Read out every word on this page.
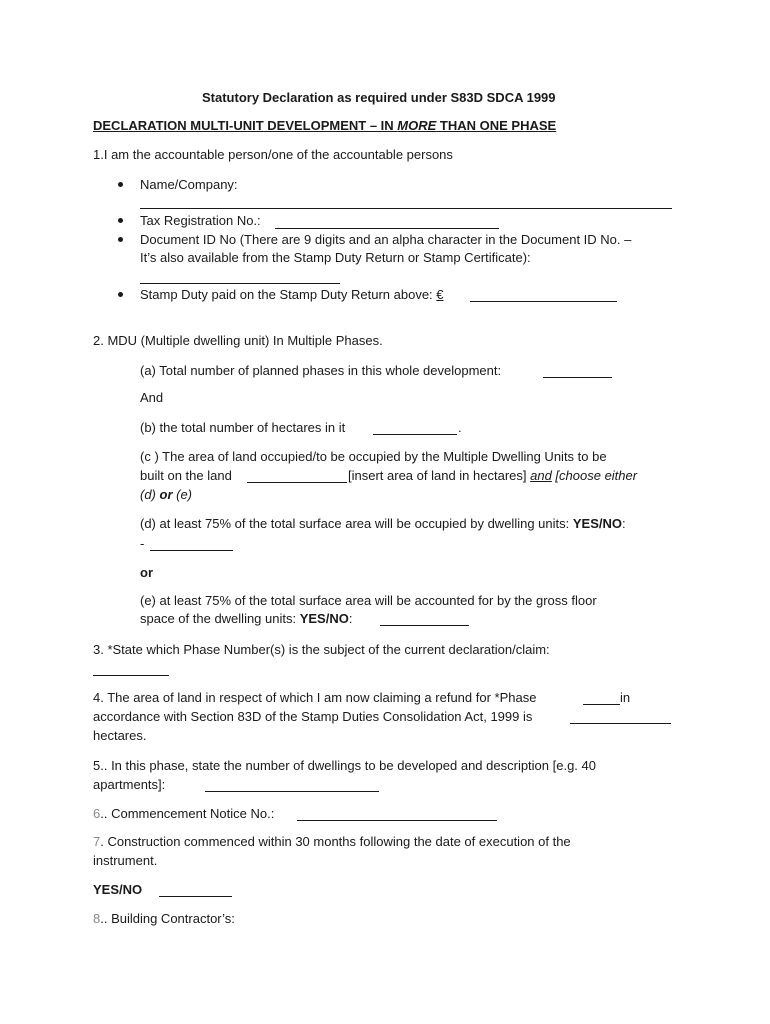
Statutory Declaration as required under S83D SDCA 1999
DECLARATION MULTI-UNIT DEVELOPMENT – IN MORE THAN ONE PHASE
1.I am the accountable person/one of the accountable persons
Name/Company:
Tax Registration No.:
Document ID No (There are 9 digits and an alpha character in the Document ID No. –
It’s also available from the Stamp Duty Return or Stamp Certificate):
Stamp Duty paid on the Stamp Duty Return above: €
2. MDU (Multiple dwelling unit) In Multiple Phases.
(a) Total number of planned phases in this whole development:
And
(b) the total number of hectares in it	.
(c ) The area of land occupied/to be occupied by the Multiple Dwelling Units to be
built on the land	[insert area of land in hectares] and [choose either
(d) or (e)
(d) at least 75% of the total surface area will be occupied by dwelling units: YES/NO:
-
or
(e) at least 75% of the total surface area will be accounted for by the gross floor
space of the dwelling units: YES/NO:
3. *State which Phase Number(s) is the subject of the current declaration/claim:
4. The area of land in respect of which I am now claiming a refund for *Phase	in
accordance with Section 83D of the Stamp Duties Consolidation Act, 1999 is
hectares.
5.. In this phase, state the number of dwellings to be developed and description [e.g. 40
apartments]:
6.. Commencement Notice No.:
7. Construction commenced within 30 months following the date of execution of the
instrument.
YES/NO
8.. Building Contractor’s:
